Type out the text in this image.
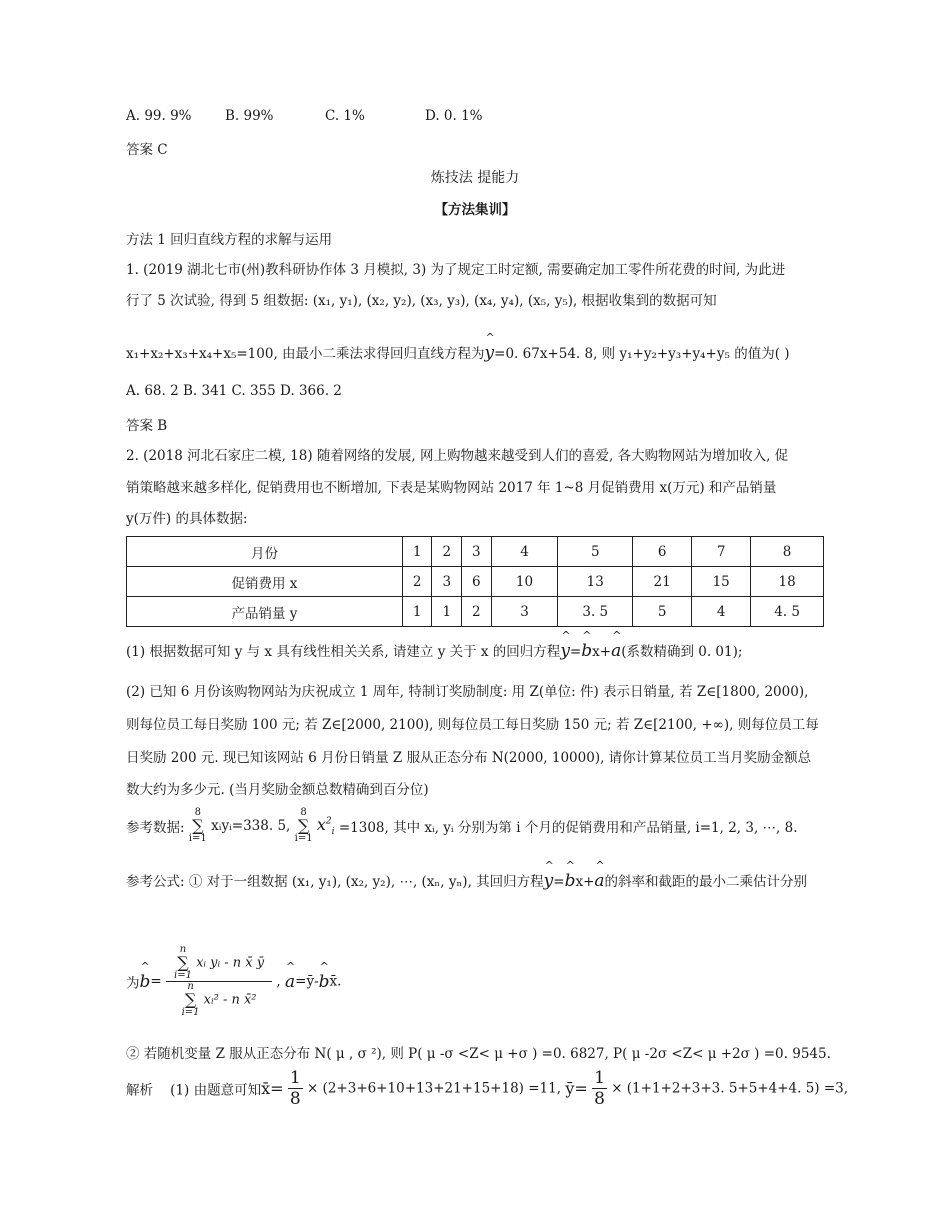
A. 99. 9% B. 99%	C. 1%	D. 0. 1%
答案 C
炼技法 提能力
【方法集训】
方法 1 回归直线方程的求解与运用
1. (2019 湖北七市(州)教科研协作体 3 月模拟, 3) 为了规定工时定额, 需要确定加工零件所花费的时间, 为此进
行了 5 次试验, 得到 5 组数据: (x₁, y₁), (x₂, y₂), (x₃, y₃), (x₄, y₄), (x₅, y₅), 根据收集到的数据可知
x₁+x₂+x₃+x₄+x₅=100, 由最小二乘法求得回归直线方程为^ y=0. 67x+54. 8, 则 y₁+y₂+y₃+y₄+y₅ 的值为( )
A. 68. 2 B. 341 C. 355 D. 366. 2
答案 B
2. (2018 河北石家庄二模, 18) 随着网络的发展, 网上购物越来越受到人们的喜爱, 各大购物网站为增加收入, 促
销策略越来越多样化, 促销费用也不断增加, 下表是某购物网站 2017 年 1~8 月促销费用 x(万元) 和产品销量
y(万件) 的具体数据:
月份	1	2	3	4	5	6	7	8
促销费用 x	2	3	6	10	13	21	15	18
产品销量 y	1	1	2	3	3. 5	5	4	4. 5
(1) 根据数据可知 y 与 x 具有线性相关关系, 请建立 y 关于 x 的回归方程^ y=^ bx+^ a(系数精确到 0. 01);
(2) 已知 6 月份该购物网站为庆祝成立 1 周年, 特制订奖励制度: 用 Z(单位: 件) 表示日销量, 若 Z∈[1800, 2000),
则每位员工每日奖励 100 元; 若 Z∈[2000, 2100), 则每位员工每日奖励 150 元; 若 Z∈[2100, +∞), 则每位员工每
日奖励 200 元. 现已知该网站 6 月份日销量 Z 服从正态分布 N(2000, 10000), 请你计算某位员工当月奖励金额总
数大约为多少元. (当月奖励金额总数精确到百分位)
参考数据: 8
∑
i=1 xᵢyᵢ=338. 5, 8
∑
i=1 $x^2_i =1308$, 其中 xᵢ, yᵢ 分别为第 i 个月的促销费用和产品销量, i=1, 2, 3, ⋯, 8.
参考公式: ① 对于一组数据 (x₁, y₁), (x₂, y₂), ⋯, (xₙ, yₙ), 其回归方程^ y=^ bx+^ a的斜率和截距的最小二乘估计分别
为^ b= n
∑
i=1 xᵢ yᵢ - n x̄ ȳ
n
∑
i=1 xᵢ² - n x̄² , ^ a=ȳ-^ bx̄.
② 若随机变量 Z 服从正态分布 N( μ , σ ²), 则 P( μ -σ <Z< μ +σ ) =0. 6827, P( μ -2σ <Z< μ +2σ ) =0. 9545.
解析 (1) 由题意可知x̄= $\frac{1}{8} \times (2+3+6+10+13+21+15+18) =11$, ȳ= $\frac{1}{8} \times (1+1+2+3+3$. 5+5+4+4. 5) =3,
